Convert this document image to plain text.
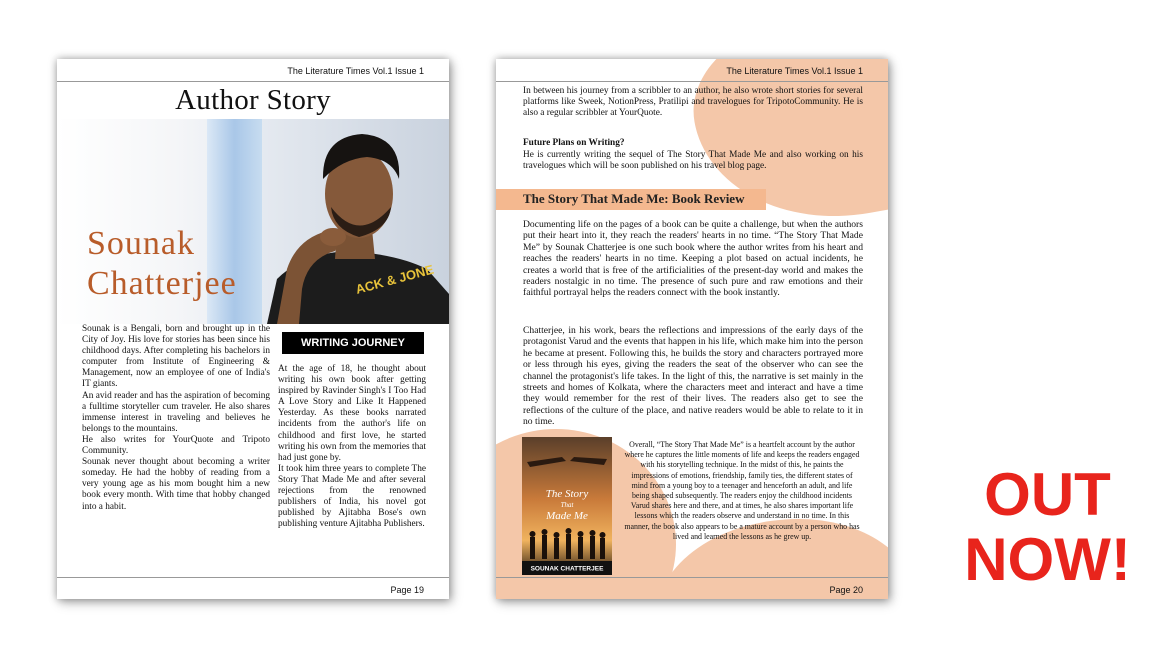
The Literature Times Vol.1 Issue 1
Author Story
ACK & JONE
Sounak
Chatterjee

Sounak is a Bengali, born and brought up in the City of Joy. His love for stories has been since his childhood days. After completing his bachelors in computer from Institute of Engineering & Management, now an employee of one of India's IT giants.

An avid reader and has the aspiration of becoming a fulltime storyteller cum traveler. He also shares immense interest in traveling and believes he belongs to the mountains.

He also writes for YourQuote and Tripoto Community.

Sounak never thought about becoming a writer someday. He had the hobby of reading from a very young age as his mom bought him a new book every month. With time that hobby changed into a habit.

WRITING JOURNEY

At the age of 18, he thought about writing his own book after getting inspired by Ravinder Singh's I Too Had A Love Story and Like It Happened Yesterday. As these books narrated incidents from the author's life on childhood and first love, he started writing his own from the memories that had just gone by.

It took him three years to complete The Story That Made Me and after several rejections from the renowned publishers of India, his novel got published by Ajitabha Bose's own publishing venture Ajitabha Publishers.

Page 19
The Literature Times Vol.1 Issue 1
In between his journey from a scribbler to an author, he also wrote short stories for several platforms like Sweek, NotionPress, Pratilipi and travelogues for TripotoCommunity. He is also a regular scribbler at YourQuote.
Future Plans on Writing?
He is currently writing the sequel of The Story That Made Me and also working on his travelogues which will be soon published on his travel blog page.
The Story That Made Me: Book Review
Documenting life on the pages of a book can be quite a challenge, but when the authors put their heart into it, they reach the readers' hearts in no time. “The Story That Made Me” by Sounak Chatterjee is one such book where the author writes from his heart and reaches the readers' hearts in no time. Keeping a plot based on actual incidents, he creates a world that is free of the artificialities of the present-day world and makes the readers nostalgic in no time. The presence of such pure and raw emotions and their faithful portrayal helps the readers connect with the book instantly.
Chatterjee, in his work, bears the reflections and impressions of the early days of the protagonist Varud and the events that happen in his life, which make him into the person he became at present. Following this, he builds the story and characters portrayed more or less through his eyes, giving the readers the seat of the observer who can see the channel the protagonist's life takes. In the light of this, the narrative is set mainly in the streets and homes of Kolkata, where the characters meet and interact and have a time they would remember for the rest of their lives. The readers also get to see the reflections of the culture of the place, and native readers would be able to relate to it in no time.
The Story
That
Made Me
SOUNAK CHATTERJEE
Overall, “The Story That Made Me” is a heartfelt account by the author where he captures the little moments of life and keeps the readers engaged with his storytelling technique. In the midst of this, he paints the impressions of emotions, friendship, family ties, the different states of mind from a young boy to a teenager and henceforth an adult, and life being shaped subsequently. The readers enjoy the childhood incidents Varud shares here and there, and at times, he also shares important life lessons which the readers observe and understand in no time. In this manner, the book also appears to be a mature account by a person who has lived and learned the lessons as he grew up.
Page 20
OUT
NOW!
